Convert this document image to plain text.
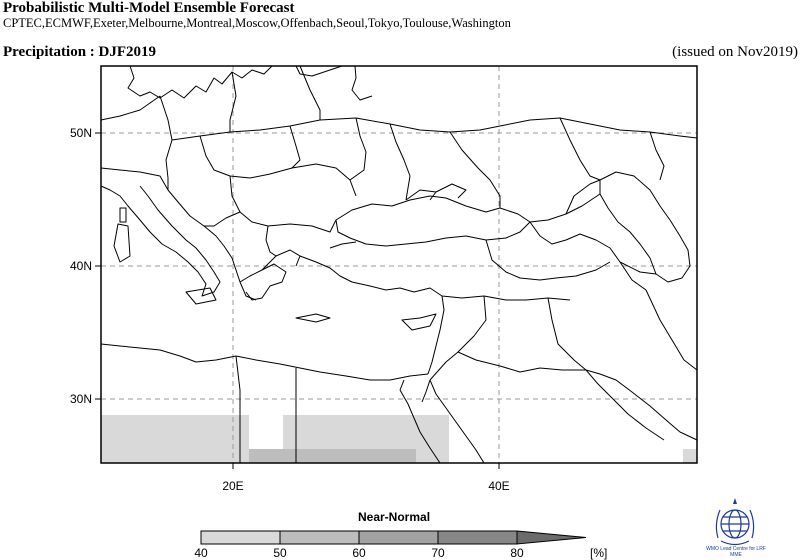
Probabilistic Multi-Model Ensemble Forecast
CPTEC,ECMWF,Exeter,Melbourne,Montreal,Moscow,Offenbach,Seoul,Tokyo,Toulouse,Washington
Precipitation : DJF2019	(issued on Nov2019)
50N
40N
30N
20E	40E
Near-Normal
40	50	60	70	80	[%]	WMO Lead Centre for LRF MME
